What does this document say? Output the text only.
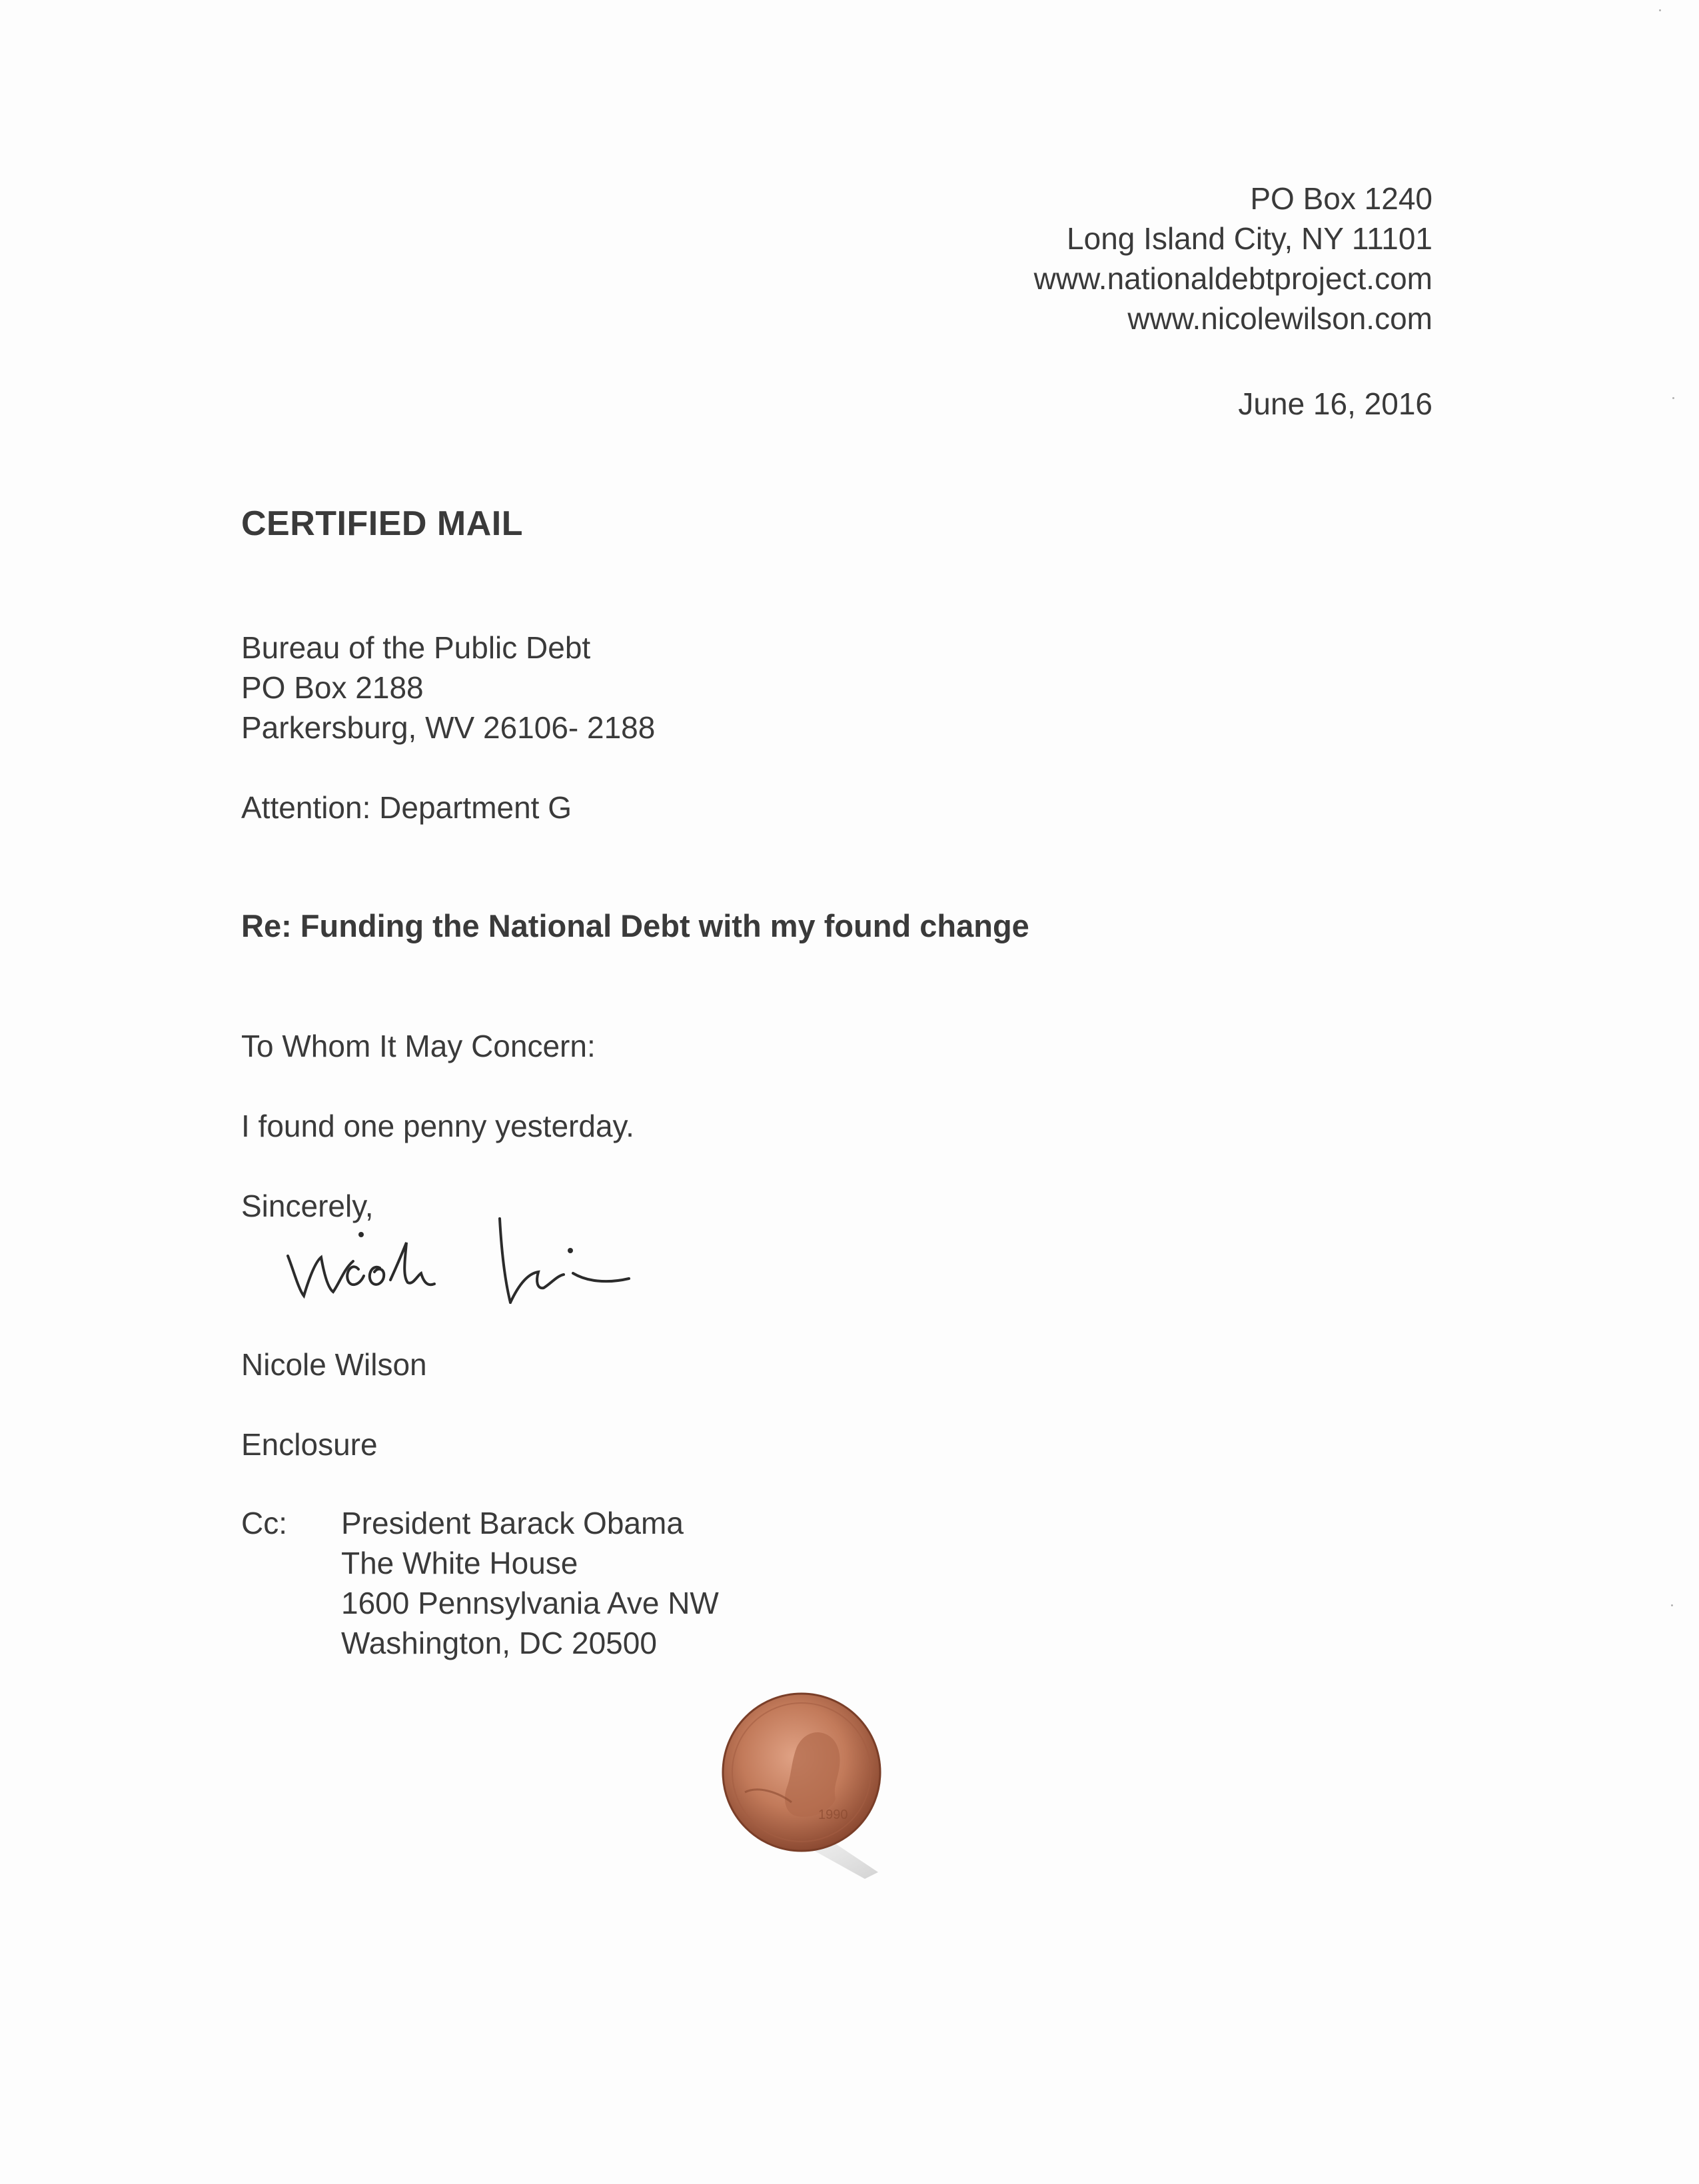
PO Box 1240
Long Island City, NY 11101
www.nationaldebtproject.com
www.nicolewilson.com
June 16, 2016
CERTIFIED MAIL
Bureau of the Public Debt
PO Box 2188
Parkersburg, WV 26106- 2188
Attention: Department G
Re: Funding the National Debt with my found change
To Whom It May Concern:
I found one penny yesterday.
Sincerely,
Nicole Wilson
Enclosure
Cc: President Barack Obama
The White House
1600 Pennsylvania Ave NW
Washington, DC 20500
1990
